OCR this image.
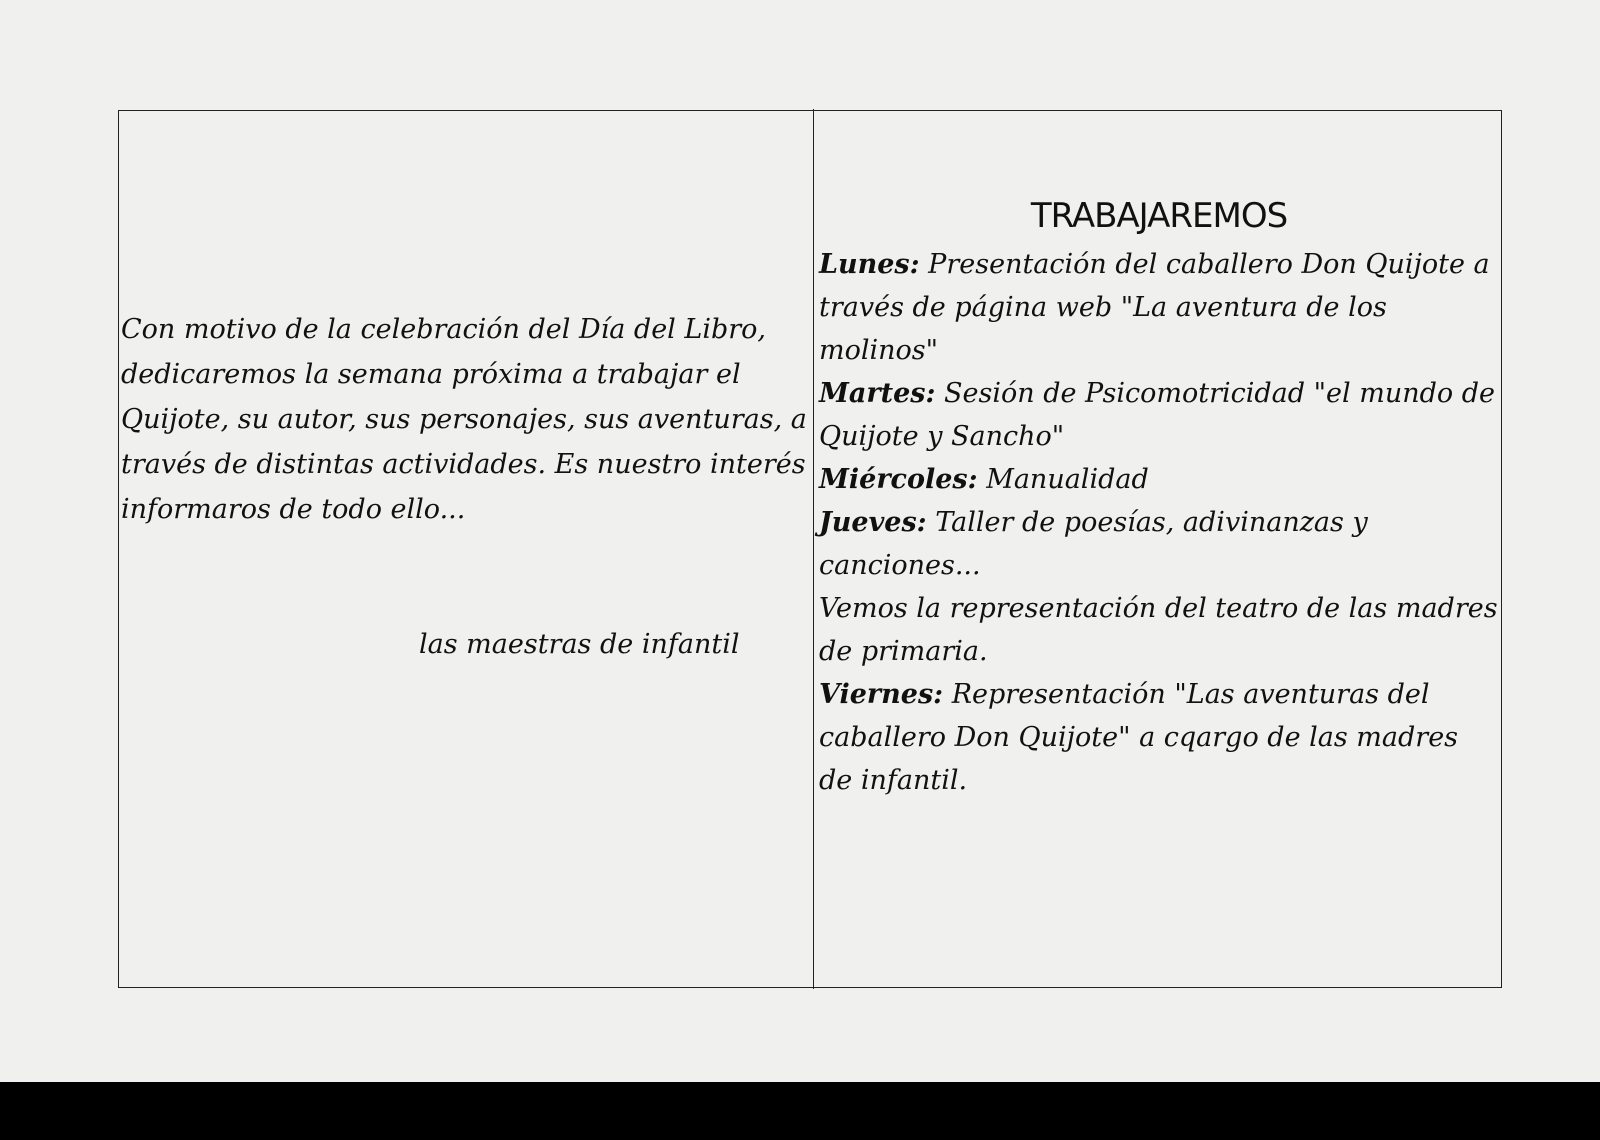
Con motivo de la celebración del Día del Libro, dedicaremos la semana próxima a trabajar el Quijote, su autor, sus personajes, sus aventuras, a través de distintas actividades. Es nuestro interés informaros de todo ello...

las maestras de infantil
TRABAJAREMOS

Lunes: Presentación del caballero Don Quijote a través de página web "La aventura de los molinos"

Martes: Sesión de Psicomotricidad "el mundo de Quijote y Sancho"

Miércoles: Manualidad

Jueves: Taller de poesías, adivinanzas y canciones...

Vemos la representación del teatro de las madres de primaria.

Viernes: Representación "Las aventuras del caballero Don Quijote" a cqargo de las madres de infantil.
